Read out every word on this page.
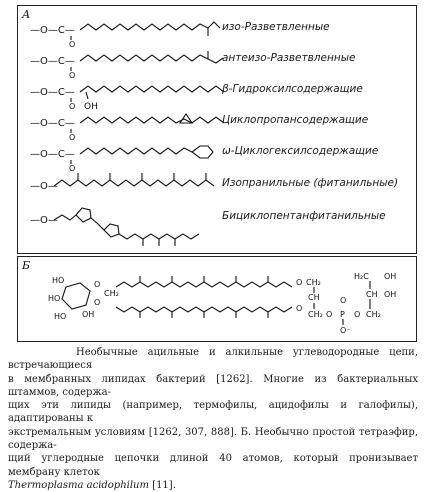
А
—O—C—
O
—O—C—
O
—O—C—
O OH
—O—C—
O
—O—C—
O
—O—
—O—
изо-Разветвленные
антеизо-Разветвленные
β-Гидроксилсодержащие
Циклопропансодержащие
ω-Циклогексилсодержащие
Изопранильные (фитанильные)
Бициклопентанфитанильные
Б
HO
HO
HO OH
O
O
CH₂
O CH₂
O
CH
CH₂ O P
O
O
O⁻
H₂C OH
CH OH
CH₂

Необычные ацильные и алкильные углеводородные цепи, встречающиеся

в мембранных липидах бактерий [1262]. Многие из бактериальных штаммов, содержа-

щих эти липиды (например, термофилы, ацидофилы и галофилы), адаптированы к

экстремальным условиям [1262, 307, 888]. Б. Необычно простой тетраэфир, содержа-

щий углеродные цепочки длиной 40 атомов, который пронизывает мембрану клеток

Thermoplasma acidophilum [11].
